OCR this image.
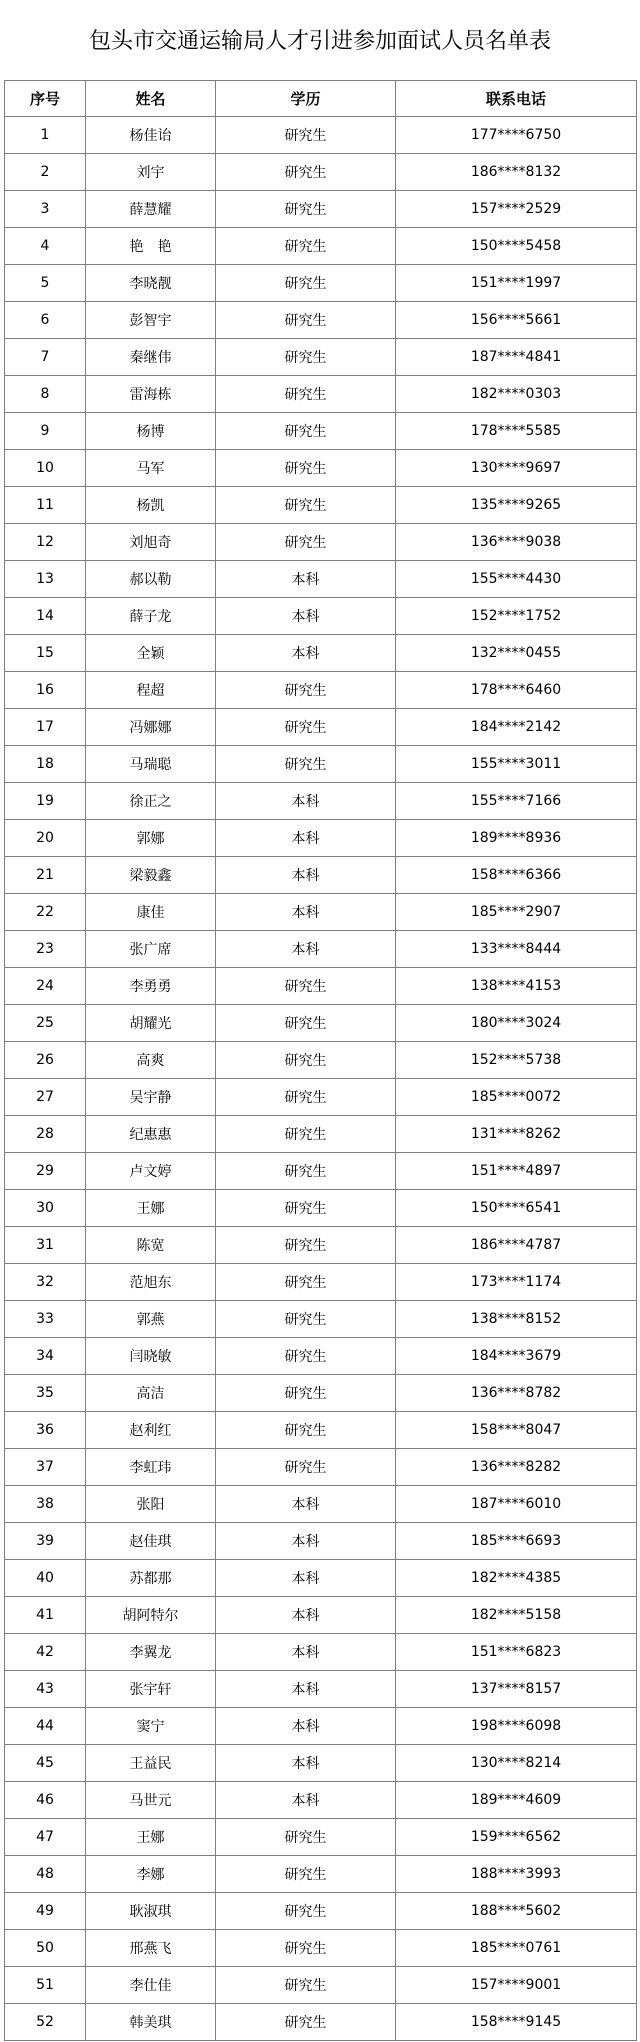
包头市交通运输局人才引进参加面试人员名单表
序号	姓名	学历	联系电话
1	杨佳诒	研究生	177****6750
2	刘宇	研究生	186****8132
3	薛慧耀	研究生	157****2529
4	艳　艳	研究生	150****5458
5	李晓靓	研究生	151****1997
6	彭智宇	研究生	156****5661
7	秦继伟	研究生	187****4841
8	雷海栋	研究生	182****0303
9	杨博	研究生	178****5585
10	马军	研究生	130****9697
11	杨凯	研究生	135****9265
12	刘旭奇	研究生	136****9038
13	郝以勒	本科	155****4430
14	薛子龙	本科	152****1752
15	全颖	本科	132****0455
16	程超	研究生	178****6460
17	冯娜娜	研究生	184****2142
18	马瑞聪	研究生	155****3011
19	徐正之	本科	155****7166
20	郭娜	本科	189****8936
21	梁毅鑫	本科	158****6366
22	康佳	本科	185****2907
23	张广席	本科	133****8444
24	李勇勇	研究生	138****4153
25	胡耀光	研究生	180****3024
26	高爽	研究生	152****5738
27	吴宇静	研究生	185****0072
28	纪惠惠	研究生	131****8262
29	卢文婷	研究生	151****4897
30	王娜	研究生	150****6541
31	陈宽	研究生	186****4787
32	范旭东	研究生	173****1174
33	郭燕	研究生	138****8152
34	闫晓敏	研究生	184****3679
35	高洁	研究生	136****8782
36	赵利红	研究生	158****8047
37	李虹玮	研究生	136****8282
38	张阳	本科	187****6010
39	赵佳琪	本科	185****6693
40	苏都那	本科	182****4385
41	胡阿特尔	本科	182****5158
42	李翼龙	本科	151****6823
43	张宇轩	本科	137****8157
44	窦宁	本科	198****6098
45	王益民	本科	130****8214
46	马世元	本科	189****4609
47	王娜	研究生	159****6562
48	李娜	研究生	188****3993
49	耿淑琪	研究生	188****5602
50	邢燕飞	研究生	185****0761
51	李仕佳	研究生	157****9001
52	韩美琪	研究生	158****9145
